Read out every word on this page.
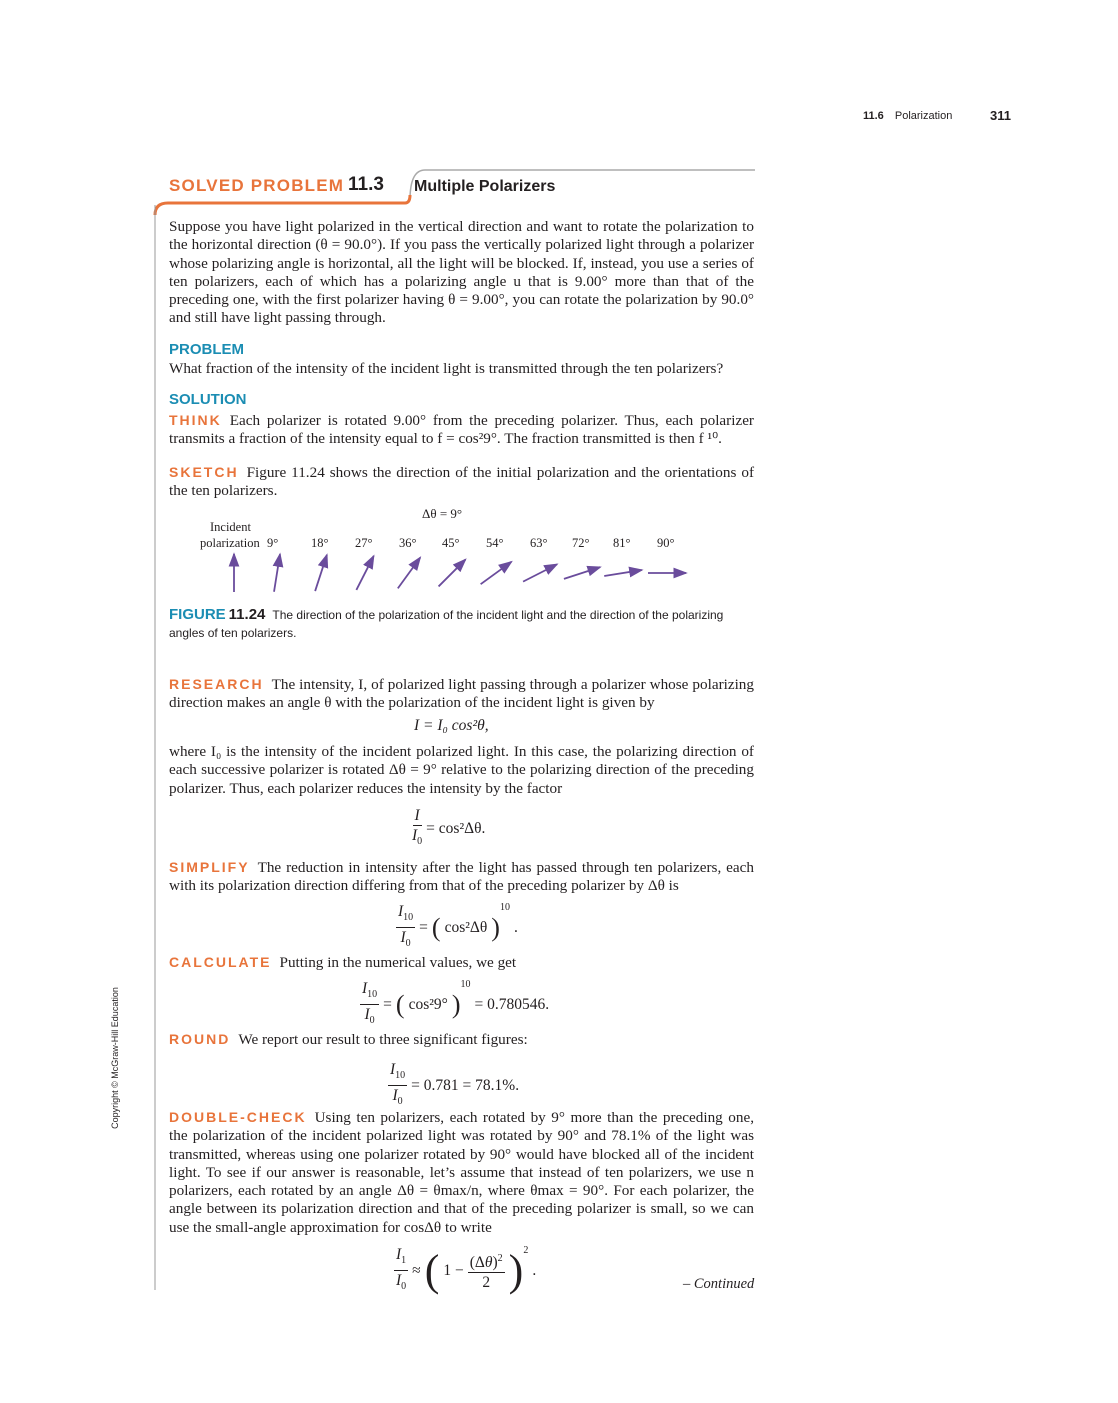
11.6 Polarization	311
Copyright © McGraw-Hill Education
SOLVED PROBLEM 11.3 Multiple Polarizers
Suppose you have light polarized in the vertical direction and want to rotate the polarization to the horizontal direction (θ = 90.0°). If you pass the vertically polarized light through a polarizer whose polarizing angle is horizontal, all the light will be blocked. If, instead, you use a series of ten polarizers, each of which has a polarizing angle u that is 9.00° more than that of the preceding one, with the first polarizer having θ = 9.00°, you can rotate the polarization by 90.0° and still have light passing through.
PROBLEM
What fraction of the intensity of the incident light is transmitted through the ten polarizers?
SOLUTION
THINK Each polarizer is rotated 9.00° from the preceding polarizer. Thus, each polarizer transmits a fraction of the intensity equal to f = cos²9°. The fraction transmitted is then f ¹⁰.
SKETCH Figure 11.24 shows the direction of the initial polarization and the orientations of the ten polarizers.
Δθ = 9°
Incident
polarization 9°	18° 27° 36° 45° 54° 63° 72° 81° 90°
FIGURE 11.24 The direction of the polarization of the incident light and the direction of the polarizing angles of ten polarizers.
RESEARCH The intensity, I, of polarized light passing through a polarizer whose polarizing direction makes an angle θ with the polarization of the incident light is given by
I = I₀ cos²θ,
where I₀ is the intensity of the incident polarized light. In this case, the polarizing direction of each successive polarizer is rotated Δθ = 9° relative to the polarizing direction of the preceding polarizer. Thus, each polarizer reduces the intensity by the factor
$\frac{I}{I_0} = \cos^2\Delta\theta$.
SIMPLIFY The reduction in intensity after the light has passed through ten polarizers, each with its polarization direction differing from that of the preceding polarizer by Δθ is
$\frac{I_{10}}{I_0}$ = ( cos²Δθ )
$^{10}$
.
CALCULATE Putting in the numerical values, we get
$\frac{I_{10}}{I_0}$ = ( cos²9° )
$^{10}$
= 0.780546.
ROUND We report our result to three significant figures:
$\frac{I_{10}}{I_0} = 0.781 = 78.1\%$.
DOUBLE-CHECK Using ten polarizers, each rotated by 9° more than the preceding one, the polarization of the incident polarized light was rotated by 90° and 78.1% of the light was transmitted, whereas using one polarizer rotated by 90° would have blocked all of the incident light. To see if our answer is reasonable, let’s assume that instead of ten polarizers, we use n polarizers, each rotated by an angle Δθ = θmax/n, where θmax = 90°. For each polarizer, the angle between its polarization direction and that of the preceding polarizer is small, so we can use the small-angle approximation for cosΔθ to write
$\frac{I_1}{I_0}$ ≈ ( $1 - \frac{(\Delta\theta)^2}{2} )^2$
.
– Continued
